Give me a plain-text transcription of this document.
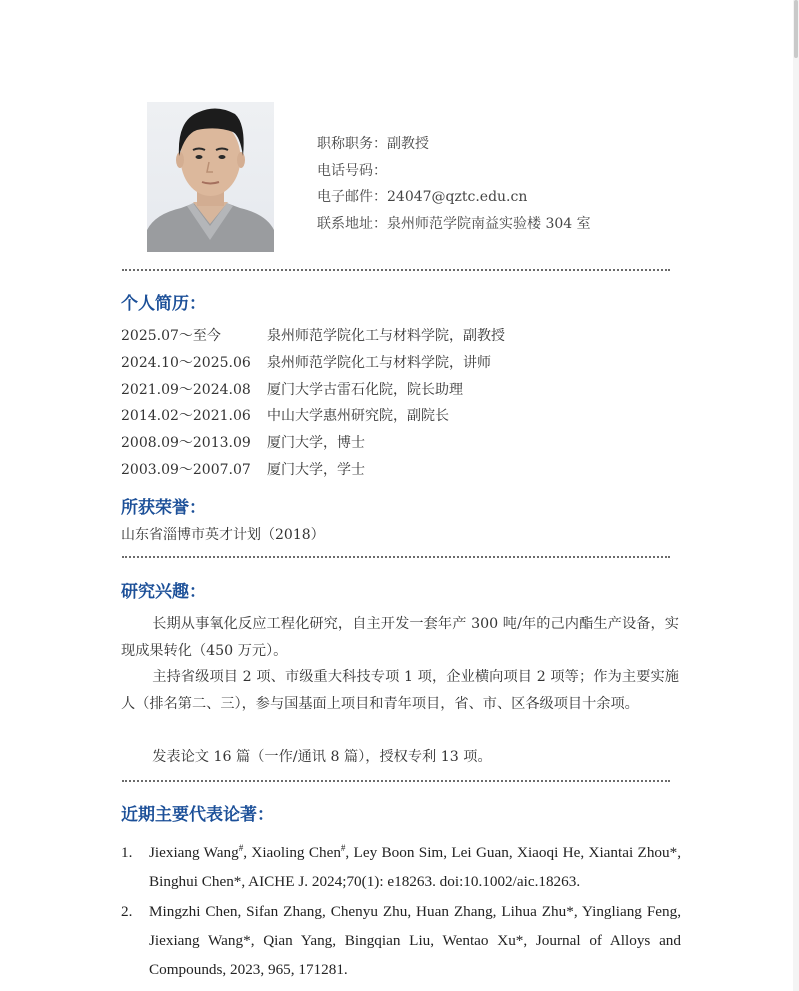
职称职务：副教授
电话号码：
电子邮件：24047@qztc.edu.cn
联系地址：泉州师范学院南益实验楼 304 室
个人简历：
2025.07～至今	泉州师范学院化工与材料学院，副教授
2024.10～2025.06 泉州师范学院化工与材料学院，讲师
2021.09～2024.08 厦门大学古雷石化院，院长助理
2014.02～2021.06 中山大学惠州研究院，副院长
2008.09～2013.09 厦门大学，博士
2003.09～2007.07 厦门大学，学士
所获荣誉：
山东省淄博市英才计划（2018）
研究兴趣：

长期从事氧化反应工程化研究，自主开发一套年产 300 吨/年的己内酯生产设备，实现成果转化（450 万元）。

主持省级项目 2 项、市级重大科技专项 1 项，企业横向项目 2 项等；作为主要实施人（排名第二、三），参与国基面上项目和青年项目，省、市、区各级项目十余项。

发表论文 16 篇（一作/通讯 8 篇），授权专利 13 项。

近期主要代表论著：
1. Jiexiang Wang#, Xiaoling Chen#, Ley Boon Sim, Lei Guan, Xiaoqi He, Xiantai Zhou*, Binghui Chen*, AICHE J. 2024;70(1): e18263. doi:10.1002/aic.18263.
2. Mingzhi Chen, Sifan Zhang, Chenyu Zhu, Huan Zhang, Lihua Zhu*, Yingliang Feng, Jiexiang Wang*, Qian Yang, Bingqian Liu, Wentao Xu*, Journal of Alloys and Compounds, 2023, 965, 171281.
